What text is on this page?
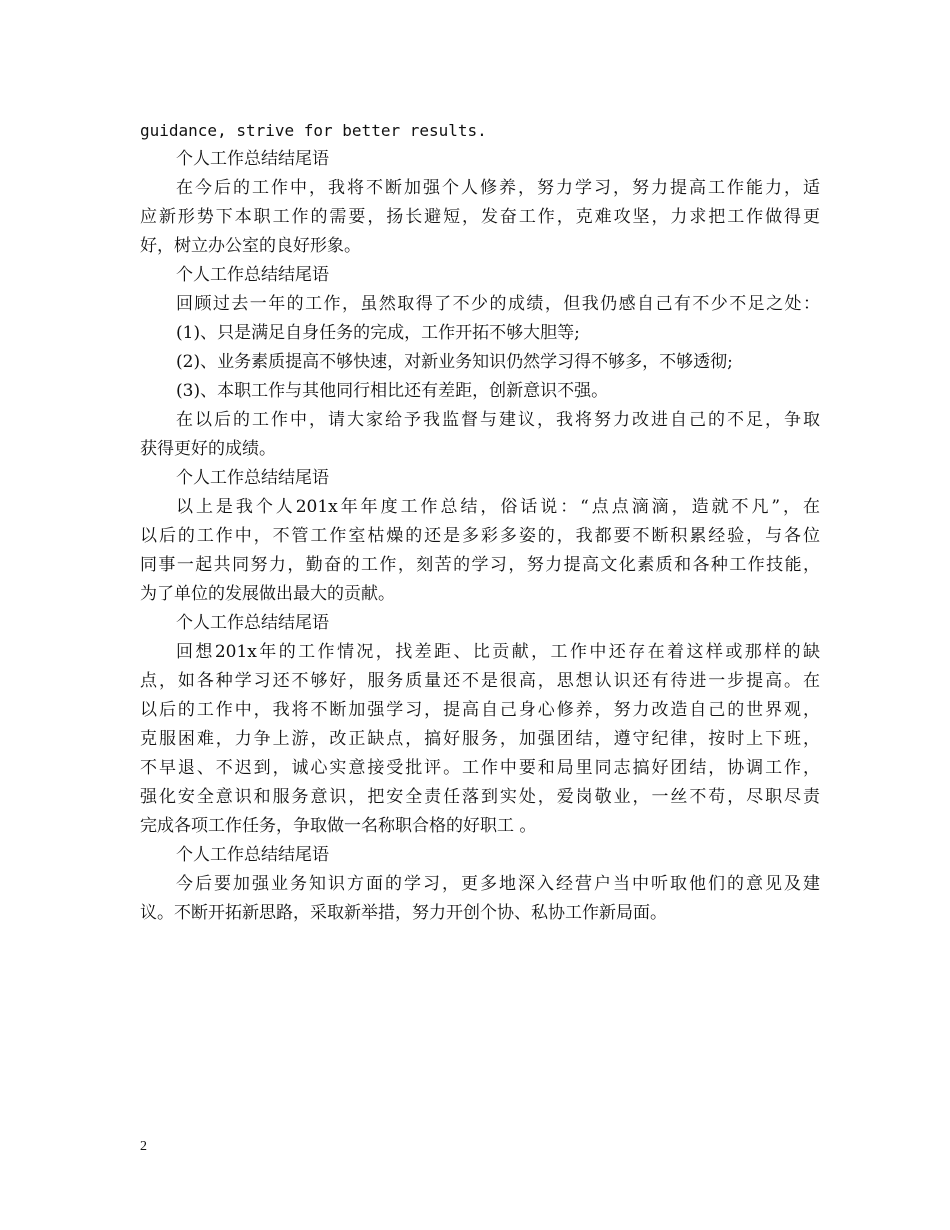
guidance, strive for better results.
个人工作总结结尾语
在今后的工作中，我将不断加强个人修养，努力学习，努力提高工作能力，适
应新形势下本职工作的需要，扬长避短，发奋工作，克难攻坚，力求把工作做得更
好，树立办公室的良好形象。
个人工作总结结尾语
回顾过去一年的工作，虽然取得了不少的成绩，但我仍感自己有不少不足之处：
(1)、只是满足自身任务的完成，工作开拓不够大胆等;
(2)、业务素质提高不够快速，对新业务知识仍然学习得不够多，不够透彻;
(3)、本职工作与其他同行相比还有差距，创新意识不强。
在以后的工作中，请大家给予我监督与建议，我将努力改进自己的不足，争取
获得更好的成绩。
个人工作总结结尾语
以上是我个人201x年年度工作总结，俗话说：“点点滴滴，造就不凡”，在
以后的工作中，不管工作室枯燥的还是多彩多姿的，我都要不断积累经验，与各位
同事一起共同努力，勤奋的工作，刻苦的学习，努力提高文化素质和各种工作技能，
为了单位的发展做出最大的贡献。
个人工作总结结尾语
回想201x年的工作情况，找差距、比贡献，工作中还存在着这样或那样的缺
点，如各种学习还不够好，服务质量还不是很高，思想认识还有待进一步提高。在
以后的工作中，我将不断加强学习，提高自己身心修养，努力改造自己的世界观，
克服困难，力争上游，改正缺点，搞好服务，加强团结，遵守纪律，按时上下班，
不早退、不迟到，诚心实意接受批评。工作中要和局里同志搞好团结，协调工作，
强化安全意识和服务意识，把安全责任落到实处，爱岗敬业，一丝不苟，尽职尽责
完成各项工作任务，争取做一名称职合格的好职工 。
个人工作总结结尾语
今后要加强业务知识方面的学习，更多地深入经营户当中听取他们的意见及建
议。不断开拓新思路，采取新举措，努力开创个协、私协工作新局面。
2
